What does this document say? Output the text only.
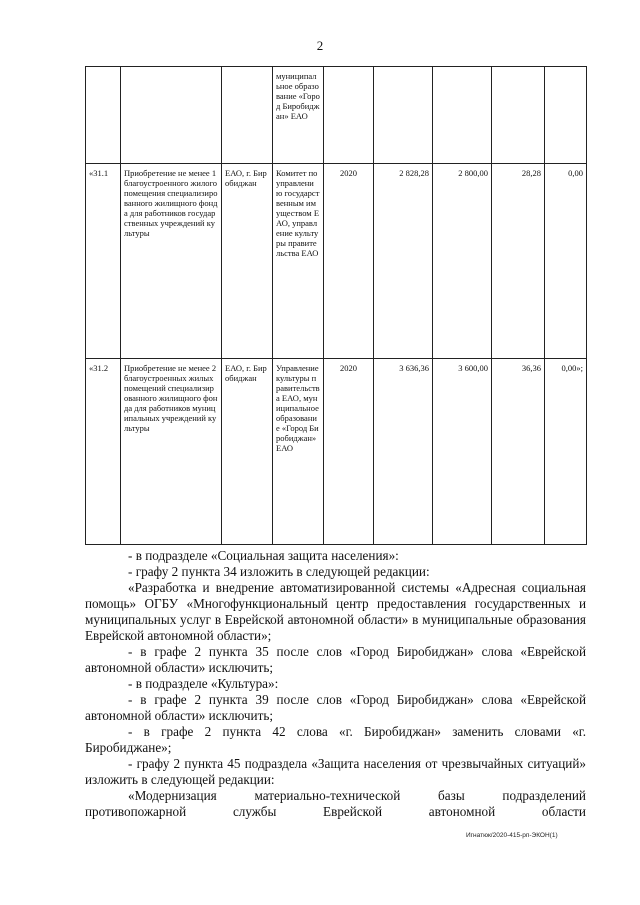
2
			муниципальное образование «Город Биробиджан» ЕАО					
«31.1	Приобретение не менее 1 благоустроенного жилого помещения специализированного жилищного фонда для работников государственных учреждений культуры	ЕАО, г. Биробиджан	Комитет по управлению государственным имуществом ЕАО, управление культуры правительства ЕАО	2020	2 828,28	2 800,00	28,28	0,00
«31.2	Приобретение не менее 2 благоустроенных жилых помещений специализированного жилищного фонда для работников муниципальных учреждений культуры	ЕАО, г. Биробиджан	Управление культуры правительства ЕАО, муниципальное образование «Город Биробиджан» ЕАО	2020	3 636,36	3 600,00	36,36	0,00»;

- в подразделе «Социальная защита населения»:

- графу 2 пункта 34 изложить в следующей редакции:

«Разработка и внедрение автоматизированной системы «Адресная социальная помощь» ОГБУ «Многофункциональный центр предоставления государственных и муниципальных услуг в Еврейской автономной области» в муниципальные образования Еврейской автономной области»;

- в графе 2 пункта 35 после слов «Город Биробиджан» слова «Еврейской автономной области» исключить;

- в подразделе «Культура»:

- в графе 2 пункта 39 после слов «Город Биробиджан» слова «Еврейской автономной области» исключить;

- в графе 2 пункта 42 слова «г. Биробиджан» заменить словами «г. Биробиджане»;

- графу 2 пункта 45 подраздела «Защита населения от чрезвычайных ситуаций» изложить в следующей редакции:

«Модернизация материально-технической базы подразделений противопожарной службы Еврейской автономной области

Игнатюк/2020-415-рп-ЭКОН(1)
